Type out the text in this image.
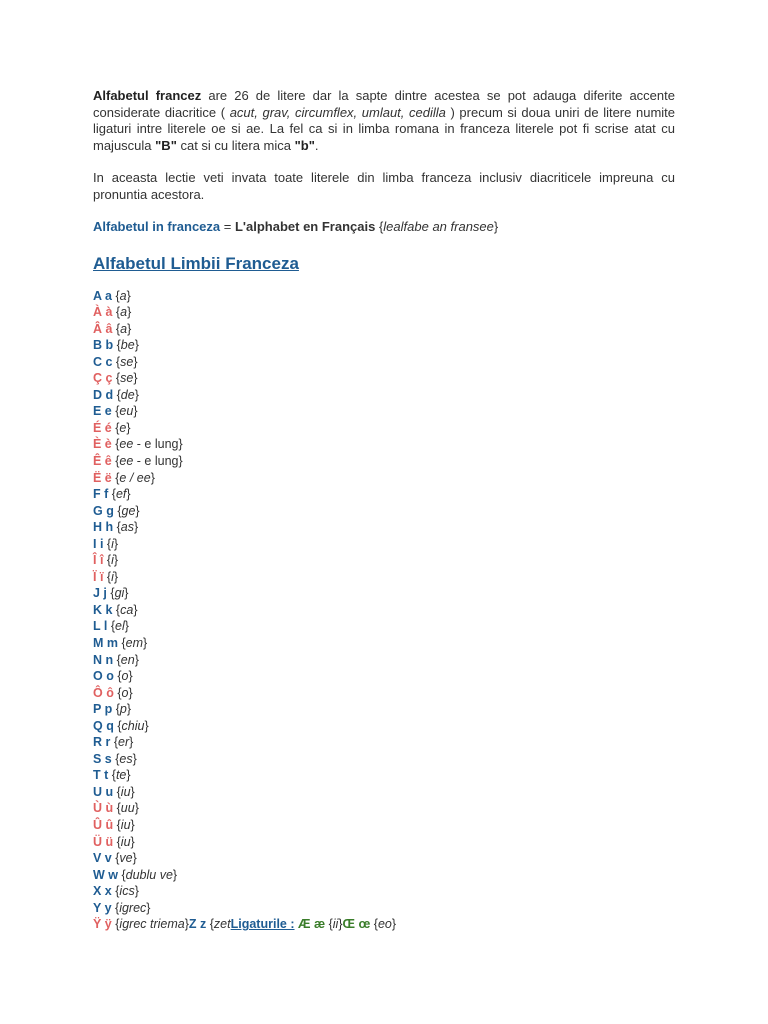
Alfabetul francez are 26 de litere dar la sapte dintre acestea se pot adauga diferite accente considerate diacritice ( acut, grav, circumflex, umlaut, cedilla ) precum si doua uniri de litere numite ligaturi intre literele oe si ae. La fel ca si in limba romana in franceza literele pot fi scrise atat cu majuscula "B" cat si cu litera mica "b".

In aceasta lectie veti invata toate literele din limba franceza inclusiv diacriticele impreuna cu pronuntia acestora.

Alfabetul in franceza = L'alphabet en Français {lealfabe an fransee}
Alfabetul Limbii Franceza
A a {a}
À à {a}
Â â {a}
B b {be}
C c {se}
Ç ç {se}
D d {de}
E e {eu}
É é {e}
È è {ee - e lung}
Ê ê {ee - e lung}
Ë ë {e / ee}
F f {ef}
G g {ge}
H h {as}
I i {i}
Î î {i}
Ï ï {i}
J j {gi}
K k {ca}
L l {el}
M m {em}
N n {en}
O o {o}
Ô ô {o}
P p {p}
Q q {chiu}
R r {er}
S s {es}
T t {te}
U u {iu}
Ù ù {uu}
Û û {iu}
Ü ü {iu}
V v {ve}
W w {dublu ve}
X x {ics}
Y y {igrec}
Ÿ ÿ {igrec triema}Z z {zetLigaturile : Æ æ {ii}Œ œ {eo}
